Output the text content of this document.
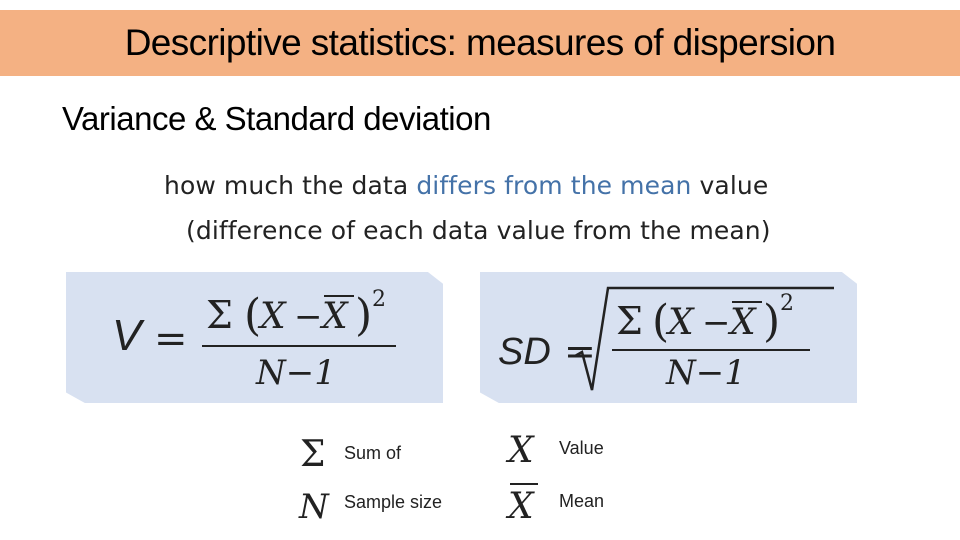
Descriptive statistics: measures of dispersion
Variance & Standard deviation
how much the data differs from the mean value
(difference of each data value from the mean)
V =
Σ (
X − X ) 2
N−1	SD =
Σ (
X − X ) 2
N−1
Σ Sum of
N Sample size
X Value
X Mean
